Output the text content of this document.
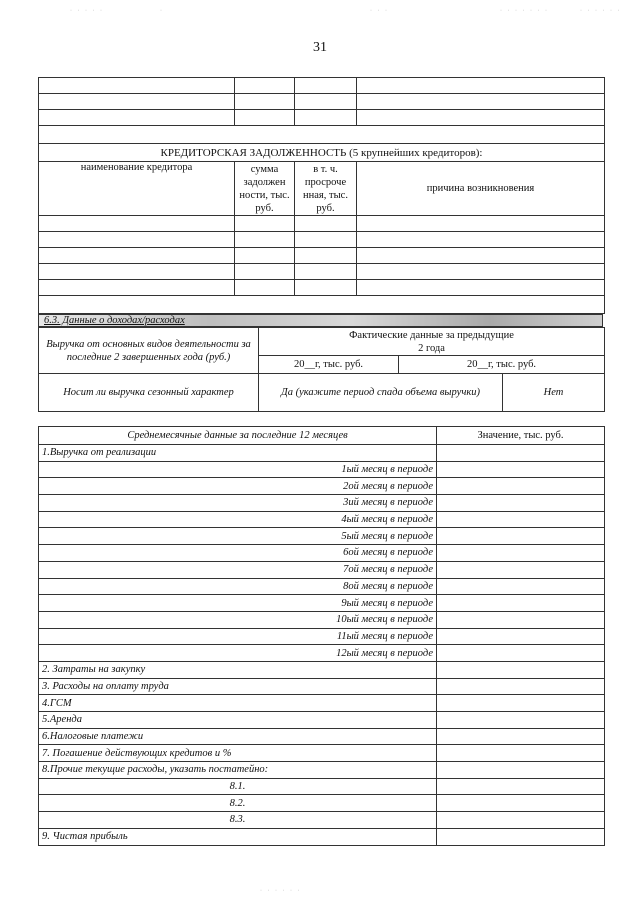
· · · · ·	·	· · ·	· · · · · · ·	· · · · · ·
31

КРЕДИТОРСКАЯ ЗАДОЛЖЕННОСТЬ (5 крупнейших кредиторов):			
наименование кредитора	сумма задолжен ности, тыс. руб.	в т. ч. просроче нная, тыс. руб.	причина возникновения

6.3. Данные о доходах/расходах
Выручка от основных видов деятельности за последние 2 завершенных года (руб.)	Фактические данные за предыдущие 2 года		
	20__г, тыс. руб.	20__г, тыс. руб.	
Носит ли выручка сезонный характер	Да (укажите период спада объема выручки)		Нет
Среднемесячные данные за последние 12 месяцев	Значение, тыс. руб.
1.Выручка от реализации	
1ый месяц в периоде	
2ой месяц в периоде	
3ий месяц в периоде	
4ый месяц в периоде	
5ый месяц в периоде	
6ой месяц в периоде	
7ой месяц в периоде	
8ой месяц в периоде	
9ый месяц в периоде	
10ый месяц в периоде	
11ый месяц в периоде	
12ый месяц в периоде	
2. Затраты на закупку	
3. Расходы на оплату труда	
4.ГСМ	
5.Аренда	
6.Налоговые платежи	
7. Погашение действующих кредитов и %	
8.Прочие текущие расходы, указать постатейно:	
8.1.	
8.2.	
8.3.	
9. Чистая прибыль	
· · · · · ·
